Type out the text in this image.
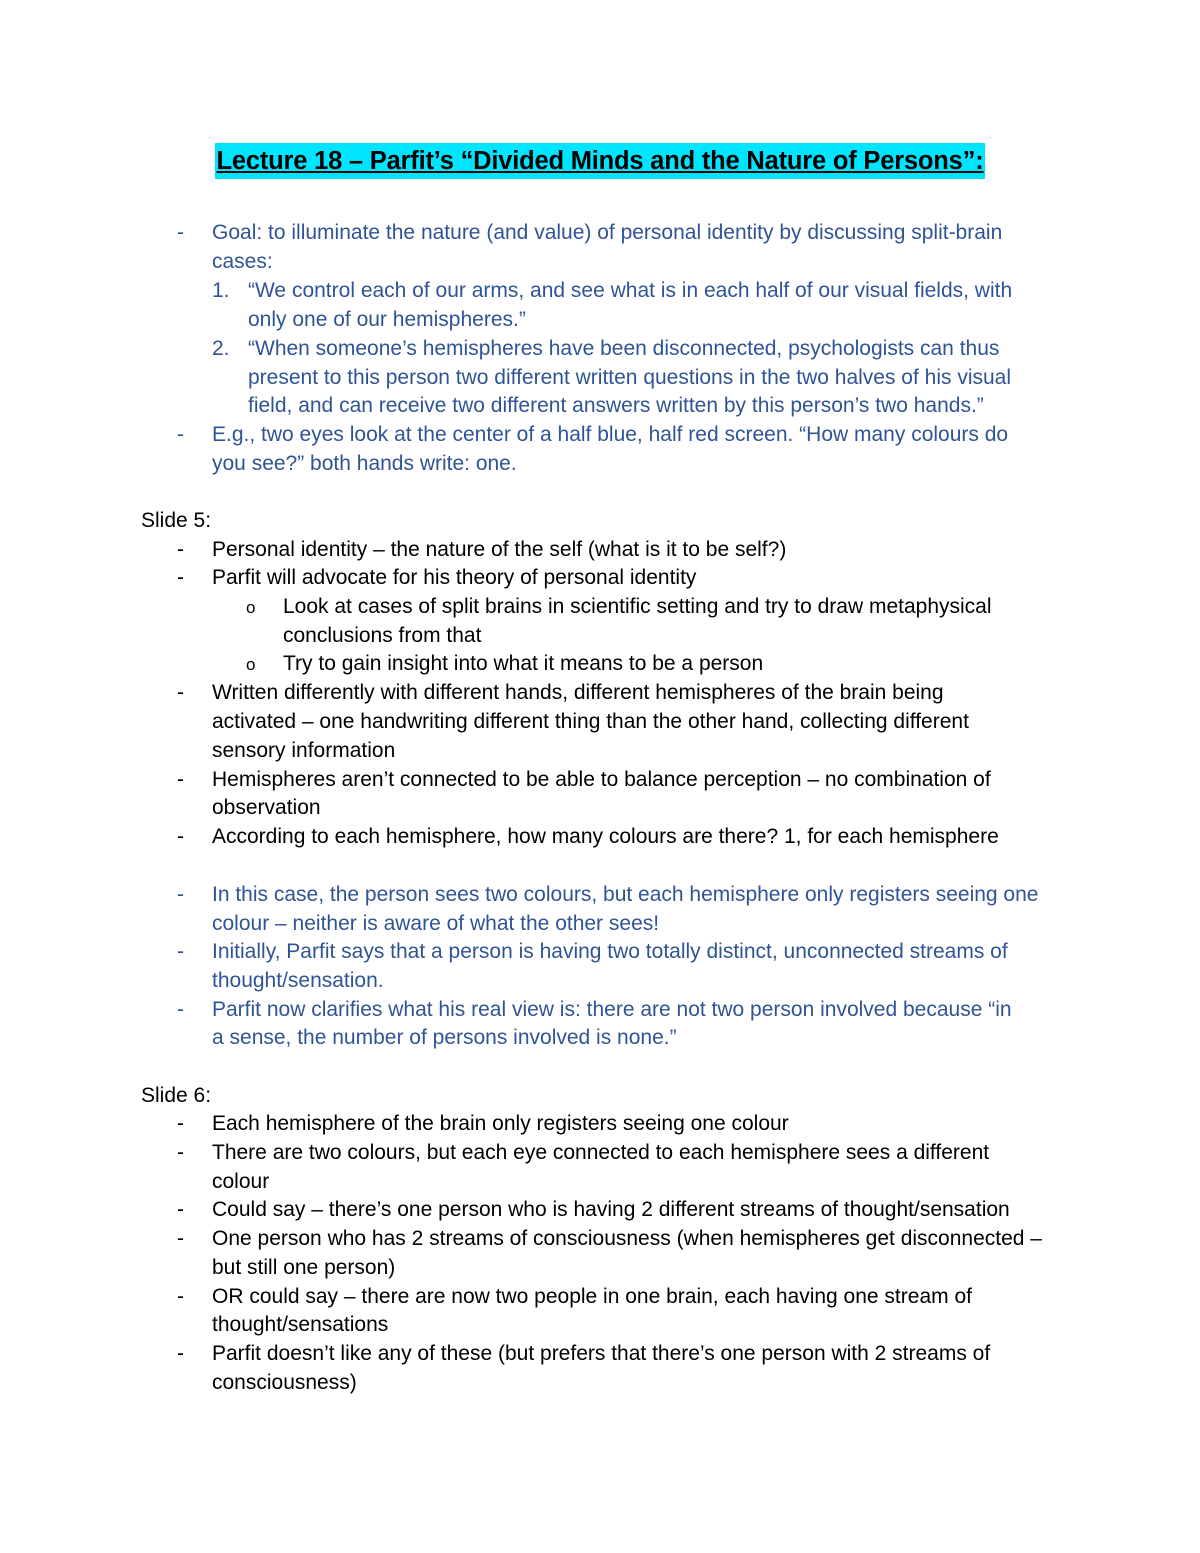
Lecture 18 – Parfit’s “Divided Minds and the Nature of Persons”:
- Goal: to illuminate the nature (and value) of personal identity by discussing split-brain
cases:
1. “We control each of our arms, and see what is in each half of our visual fields, with
only one of our hemispheres.”
2. “When someone’s hemispheres have been disconnected, psychologists can thus
present to this person two different written questions in the two halves of his visual
field, and can receive two different answers written by this person’s two hands.”
- E.g., two eyes look at the center of a half blue, half red screen. “How many colours do
you see?” both hands write: one.
Slide 5:
- Personal identity – the nature of the self (what is it to be self?)
- Parfit will advocate for his theory of personal identity
o Look at cases of split brains in scientific setting and try to draw metaphysical
conclusions from that
o Try to gain insight into what it means to be a person
- Written differently with different hands, different hemispheres of the brain being
activated – one handwriting different thing than the other hand, collecting different
sensory information
- Hemispheres aren’t connected to be able to balance perception – no combination of
observation
- According to each hemisphere, how many colours are there? 1, for each hemisphere
- In this case, the person sees two colours, but each hemisphere only registers seeing one
colour – neither is aware of what the other sees!
- Initially, Parfit says that a person is having two totally distinct, unconnected streams of
thought/sensation.
- Parfit now clarifies what his real view is: there are not two person involved because “in
a sense, the number of persons involved is none.”
Slide 6:
- Each hemisphere of the brain only registers seeing one colour
- There are two colours, but each eye connected to each hemisphere sees a different
colour
- Could say – there’s one person who is having 2 different streams of thought/sensation
- One person who has 2 streams of consciousness (when hemispheres get disconnected –
but still one person)
- OR could say – there are now two people in one brain, each having one stream of
thought/sensations
- Parfit doesn’t like any of these (but prefers that there’s one person with 2 streams of
consciousness)
